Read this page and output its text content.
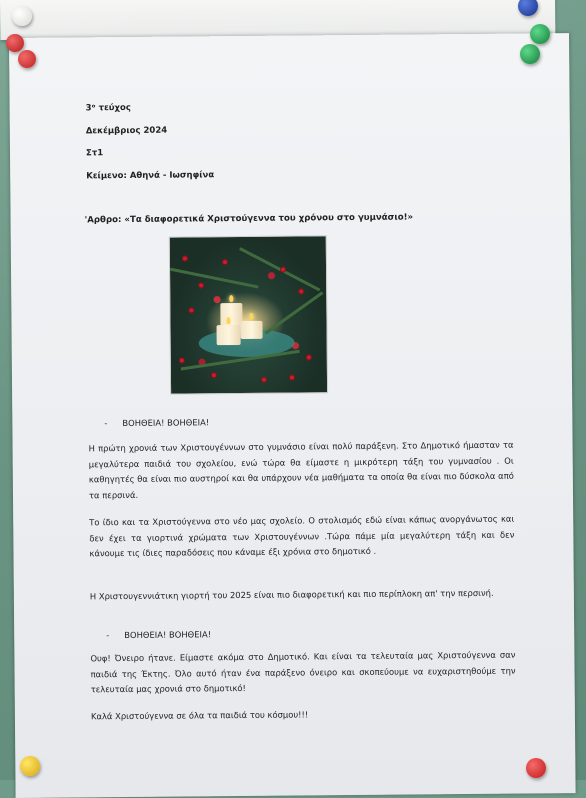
3ᵒ τεύχος
Δεκέμβριος 2024
Στ1
Κείμενο: Αθηνά - Ιωσηφίνα
'Αρθρο: «Τα διαφορετικά Χριστούγεννα του χρόνου στο γυμνάσιο!»
- ΒΟΗΘΕΙΑ! ΒΟΗΘΕΙΑ!
Η πρώτη χρονιά των Χριστουγέννων στο γυμνάσιο είναι πολύ παράξενη. Στο Δημοτικό ήμασταν τα μεγαλύτερα παιδιά του σχολείου, ενώ τώρα θα είμαστε η μικρότερη τάξη του γυμνασίου . Οι καθηγητές θα είναι πιο αυστηροί και θα υπάρχουν νέα μαθήματα τα οποία θα είναι πιο δύσκολα από τα περσινά.
Το ίδιο και τα Χριστούγεννα στο νέο μας σχολείο. Ο στολισμός εδώ είναι κάπως ανοργάνωτος και δεν έχει τα γιορτινά χρώματα των Χριστουγέννων .Τώρα πάμε μία μεγαλύτερη τάξη και δεν κάνουμε τις ίδιες παραδόσεις που κάναμε έξι χρόνια στο δημοτικό .
Η Χριστουγεννιάτικη γιορτή του 2025 είναι πιο διαφορετική και πιο περίπλοκη απ' την περσινή.
- ΒΟΗΘΕΙΑ! ΒΟΗΘΕΙΑ!
Ουφ! Όνειρο ήτανε. Είμαστε ακόμα στο Δημοτικό. Και είναι τα τελευταία μας Χριστούγεννα σαν παιδιά της Έκτης. Όλο αυτό ήταν ένα παράξενο όνειρο και σκοπεύουμε να ευχαριστηθούμε την τελευταία μας χρονιά στο δημοτικό!
Καλά Χριστούγεννα σε όλα τα παιδιά του κόσμου!!!
